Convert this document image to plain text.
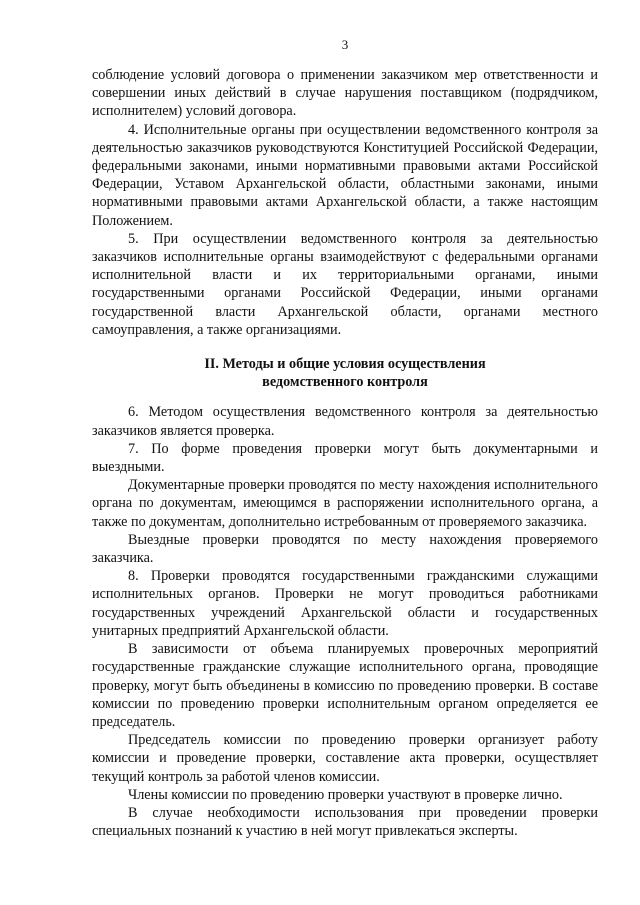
3

соблюдение условий договора о применении заказчиком мер ответственности и совершении иных действий в случае нарушения поставщиком (подрядчиком, исполнителем) условий договора.

4. Исполнительные органы при осуществлении ведомственного контроля за деятельностью заказчиков руководствуются Конституцией Российской Федерации, федеральными законами, иными нормативными правовыми актами Российской Федерации, Уставом Архангельской области, областными законами, иными нормативными правовыми актами Архангельской области, а также настоящим Положением.

5. При осуществлении ведомственного контроля за деятельностью заказчиков исполнительные органы взаимодействуют с федеральными органами исполнительной власти и их территориальными органами, иными государственными органами Российской Федерации, иными органами государственной власти Архангельской области, органами местного самоуправления, а также организациями.

II. Методы и общие условия осуществления
ведомственного контроля

6. Методом осуществления ведомственного контроля за деятельностью заказчиков является проверка.

7. По форме проведения проверки могут быть документарными и выездными.

Документарные проверки проводятся по месту нахождения исполнительного органа по документам, имеющимся в распоряжении исполнительного органа, а также по документам, дополнительно истребованным от проверяемого заказчика.

Выездные проверки проводятся по месту нахождения проверяемого заказчика.

8. Проверки проводятся государственными гражданскими служащими исполнительных органов. Проверки не могут проводиться работниками государственных учреждений Архангельской области и государственных унитарных предприятий Архангельской области.

В зависимости от объема планируемых проверочных мероприятий государственные гражданские служащие исполнительного органа, проводящие проверку, могут быть объединены в комиссию по проведению проверки. В составе комиссии по проведению проверки исполнительным органом определяется ее председатель.

Председатель комиссии по проведению проверки организует работу комиссии и проведение проверки, составление акта проверки, осуществляет текущий контроль за работой членов комиссии.

Члены комиссии по проведению проверки участвуют в проверке лично.

В случае необходимости использования при проведении проверки специальных познаний к участию в ней могут привлекаться эксперты.
